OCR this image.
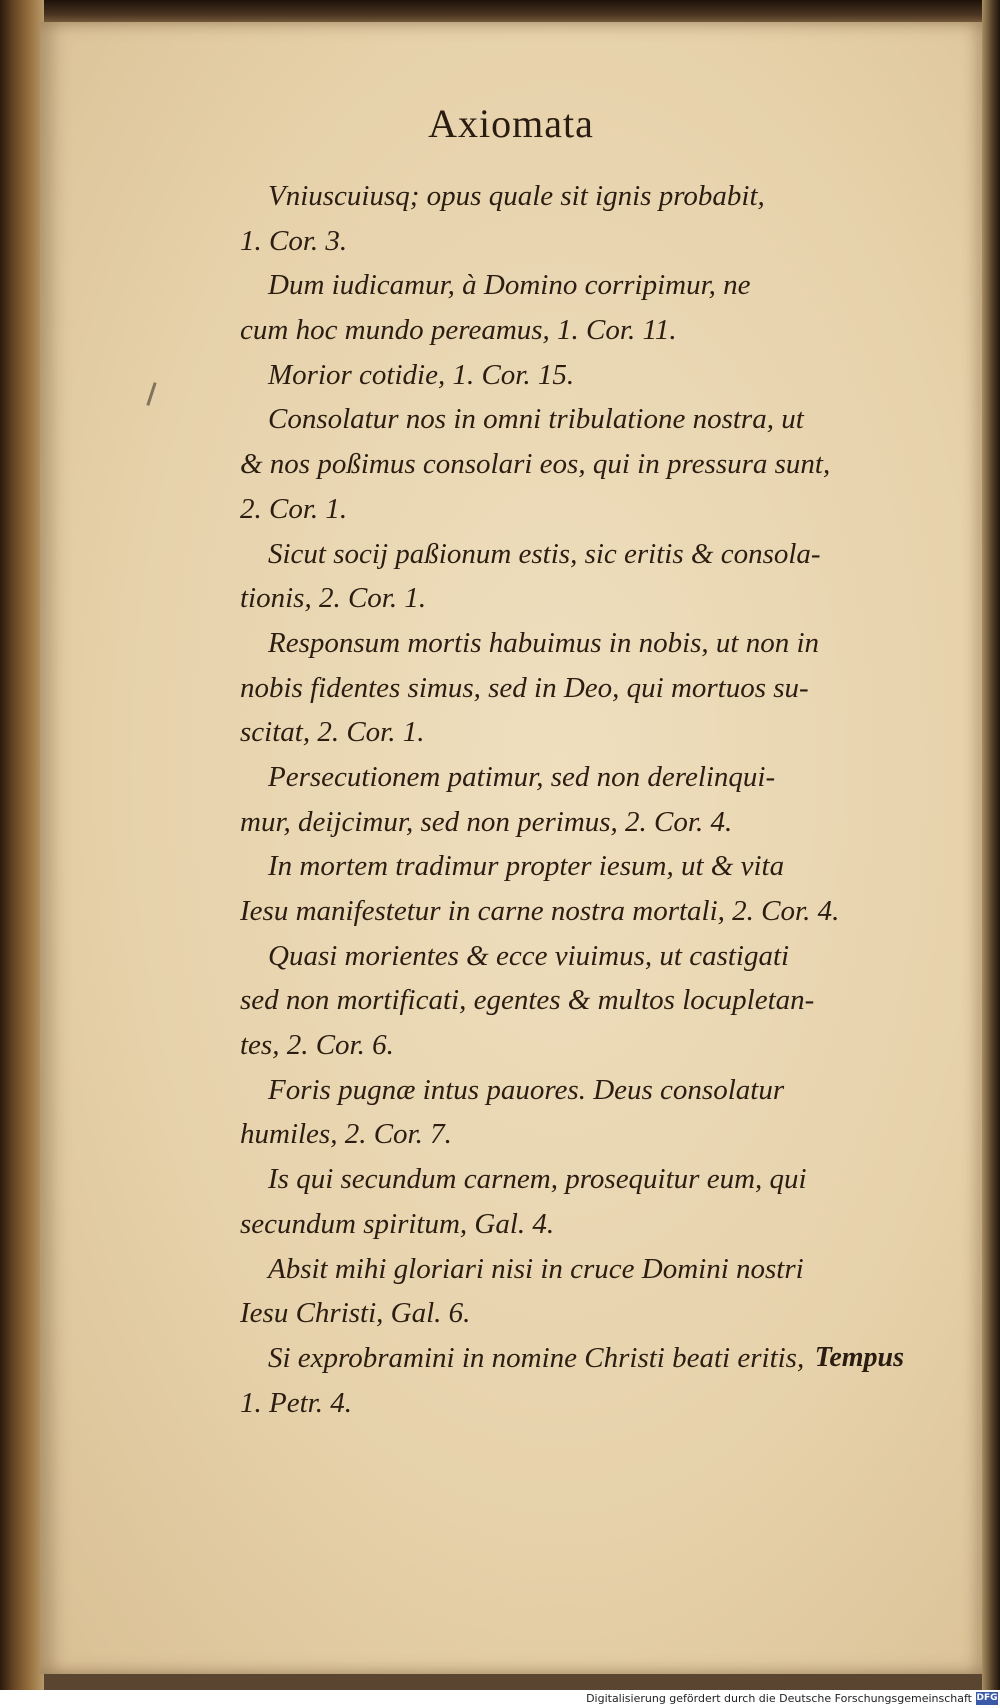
Axiomata
Vniuscuiusq; opus quale sit ignis probabit,
1. Cor. 3.
Dum iudicamur, à Domino corripimur, ne
cum hoc mundo pereamus, 1. Cor. 11.
Morior cotidie, 1. Cor. 15.
Consolatur nos in omni tribulatione nostra, ut
& nos poßimus consolari eos, qui in pressura sunt,
2. Cor. 1.
Sicut socij paßionum estis, sic eritis & consola-
tionis, 2. Cor. 1.
Responsum mortis habuimus in nobis, ut non in
nobis fidentes simus, sed in Deo, qui mortuos su-
scitat, 2. Cor. 1.
Persecutionem patimur, sed non derelinqui-
mur, deijcimur, sed non perimus, 2. Cor. 4.
In mortem tradimur propter iesum, ut & vita
Iesu manifestetur in carne nostra mortali, 2. Cor. 4.
Quasi morientes & ecce viuimus, ut castigati
sed non mortificati, egentes & multos locupletan-
tes, 2. Cor. 6.
Foris pugnæ intus pauores. Deus consolatur
humiles, 2. Cor. 7.
Is qui secundum carnem, prosequitur eum, qui
secundum spiritum, Gal. 4.
Absit mihi gloriari nisi in cruce Domini nostri
Iesu Christi, Gal. 6.
Si exprobramini in nomine Christi beati eritis,
1. Petr. 4.
Tempus
Digitalisierung gefördert durch die Deutsche Forschungsgemeinschaft DFG
